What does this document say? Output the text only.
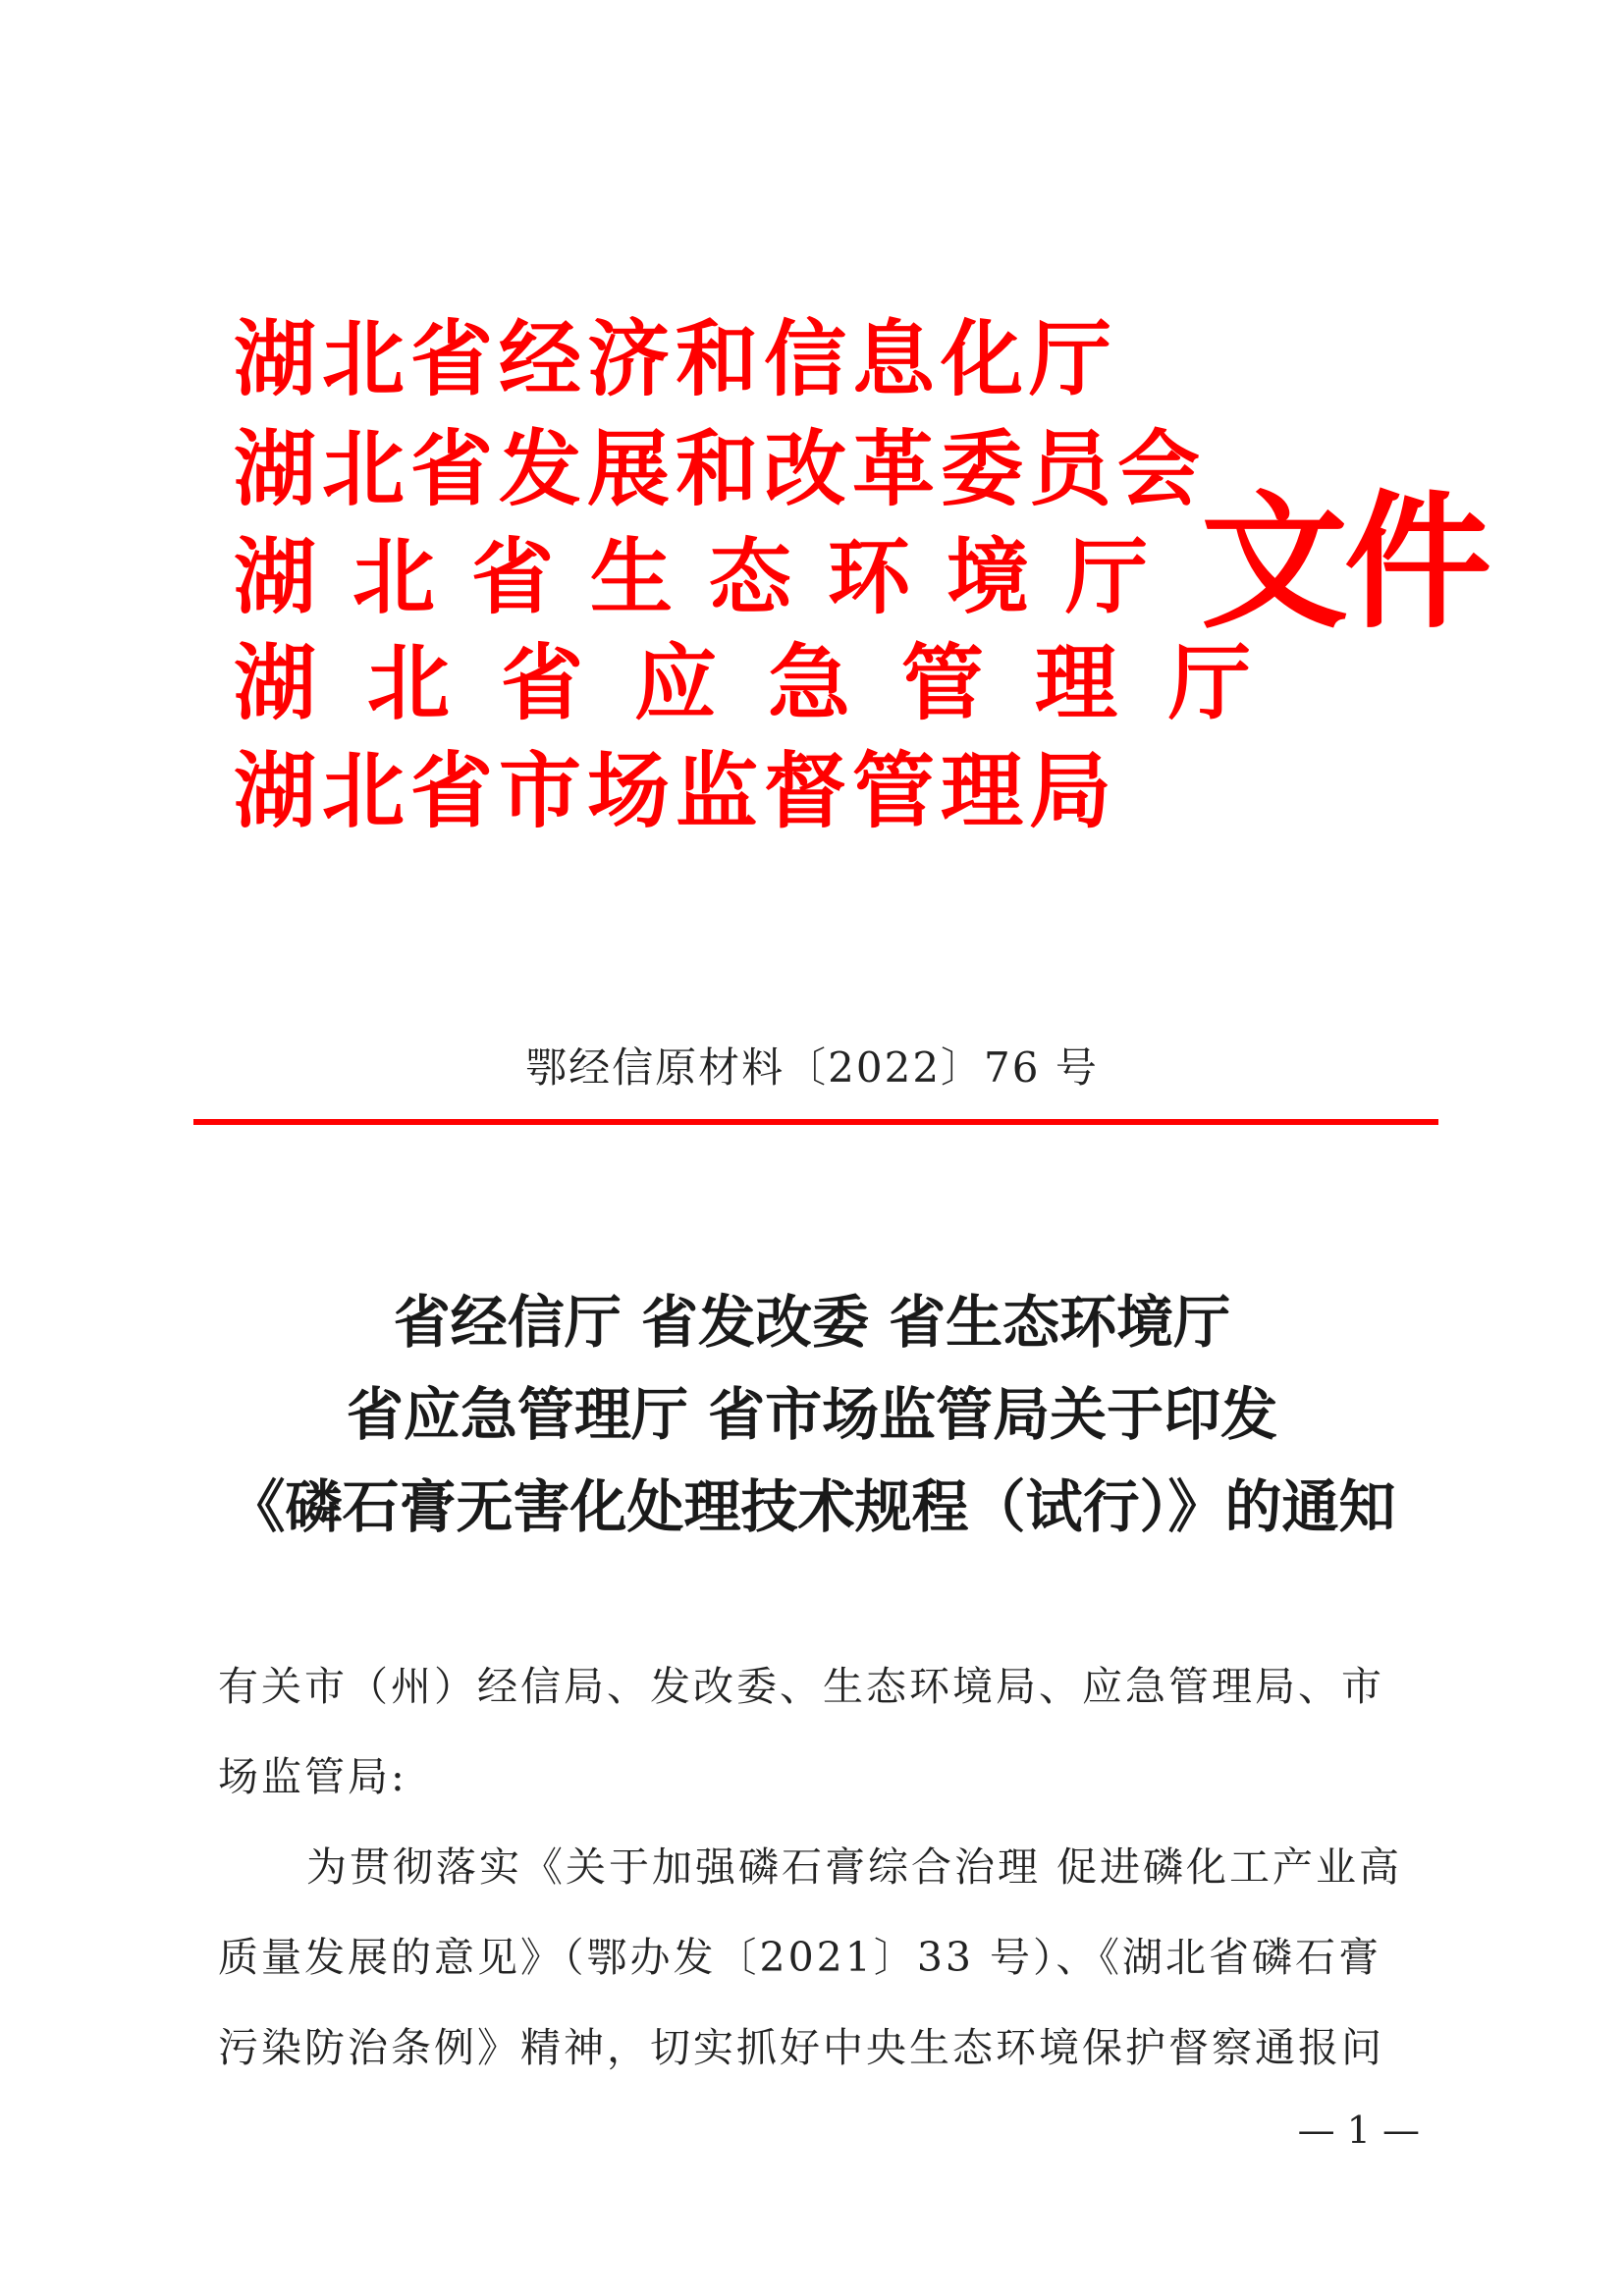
湖北省经济和信息化厅
湖北省发展和改革委员会
湖北省生态环境厅
湖北省应急管理厅
湖北省市场监督管理局
文件
鄂经信原材料〔2022〕76 号
省经信厅 省发改委 省生态环境厅
省应急管理厅 省市场监管局关于印发
《磷石膏无害化处理技术规程（试行）》的通知

有关市（州）经信局、发改委、生态环境局、应急管理局、市场监管局:

为贯彻落实《关于加强磷石膏综合治理 促进磷化工产业高质量发展的意见》（鄂办发〔2021〕33 号）、《湖北省磷石膏污染防治条例》精神，切实抓好中央生态环境保护督察通报问

— 1 —
